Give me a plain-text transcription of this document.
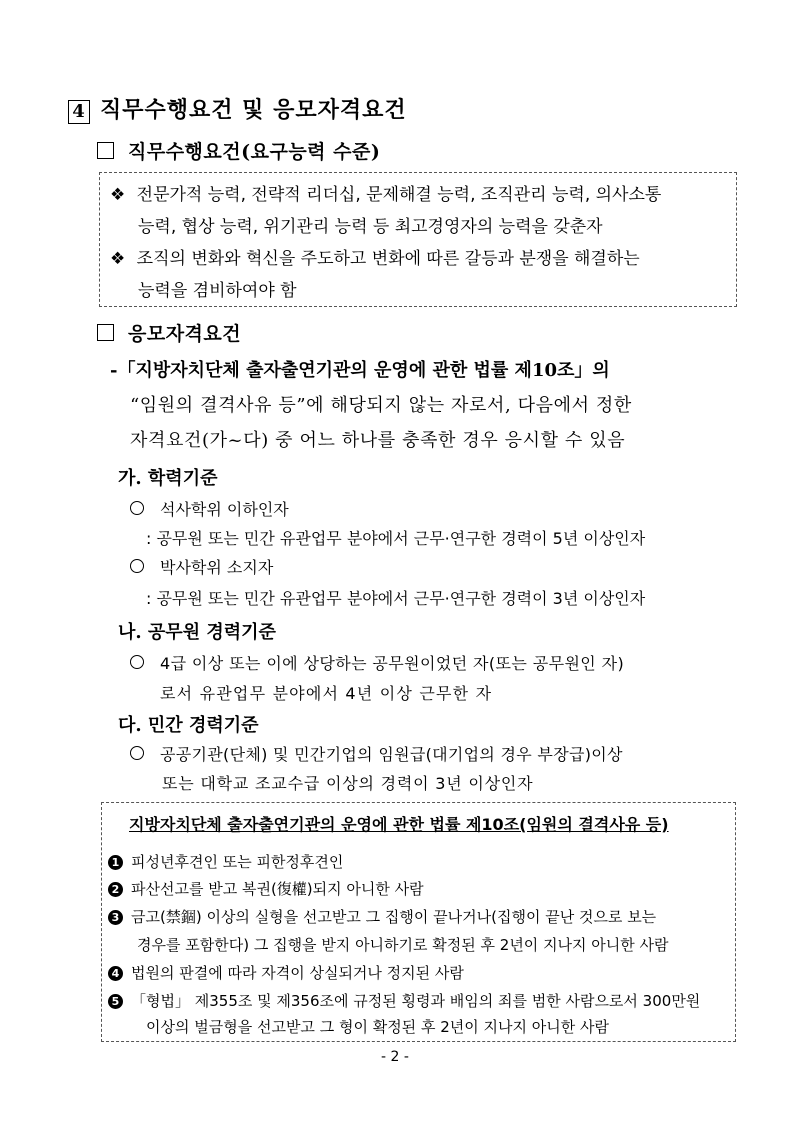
4 직무수행요건 및 응모자격요건
직무수행요건(요구능력 수준)
❖ 전문가적 능력, 전략적 리더십, 문제해결 능력, 조직관리 능력, 의사소통
능력, 협상 능력, 위기관리 능력 등 최고경영자의 능력을 갖춘자
❖ 조직의 변화와 혁신을 주도하고 변화에 따른 갈등과 분쟁을 해결하는
능력을 겸비하여야 함
응모자격요건
-「지방자치단체 출자출연기관의 운영에 관한 법률 제10조」의
“임원의 결격사유 등”에 해당되지 않는 자로서, 다음에서 정한
자격요건(가~다) 중 어느 하나를 충족한 경우 응시할 수 있음
가. 학력기준
석사학위 이하인자
: 공무원 또는 민간 유관업무 분야에서 근무·연구한 경력이 5년 이상인자
박사학위 소지자
: 공무원 또는 민간 유관업무 분야에서 근무·연구한 경력이 3년 이상인자
나. 공무원 경력기준
4급 이상 또는 이에 상당하는 공무원이었던 자(또는 공무원인 자)
로서 유관업무 분야에서 4년 이상 근무한 자
다. 민간 경력기준
공공기관(단체) 및 민간기업의 임원급(대기업의 경우 부장급)이상
또는 대학교 조교수급 이상의 경력이 3년 이상인자
지방자치단체 출자출연기관의 운영에 관한 법률 제10조(임원의 결격사유 등)
1 피성년후견인 또는 피한정후견인
2 파산선고를 받고 복권(復權)되지 아니한 사람
3 금고(禁錮) 이상의 실형을 선고받고 그 집행이 끝나거나(집행이 끝난 것으로 보는
경우를 포함한다) 그 집행을 받지 아니하기로 확정된 후 2년이 지나지 아니한 사람
4 법원의 판결에 따라 자격이 상실되거나 정지된 사람
5 「형법」 제355조 및 제356조에 규정된 횡령과 배임의 죄를 범한 사람으로서 300만원
이상의 벌금형을 선고받고 그 형이 확정된 후 2년이 지나지 아니한 사람
- 2 -
